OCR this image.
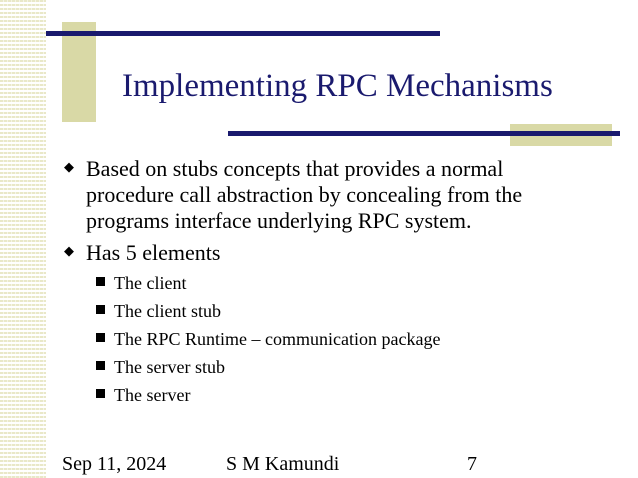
Implementing RPC Mechanisms
◆ Based on stubs concepts that provides a normal
procedure call abstraction by concealing from the
programs interface underlying RPC system.
◆ Has 5 elements
The client
The client stub
The RPC Runtime – communication package
The server stub
The server
Sep 11, 2024	S M Kamundi	7
